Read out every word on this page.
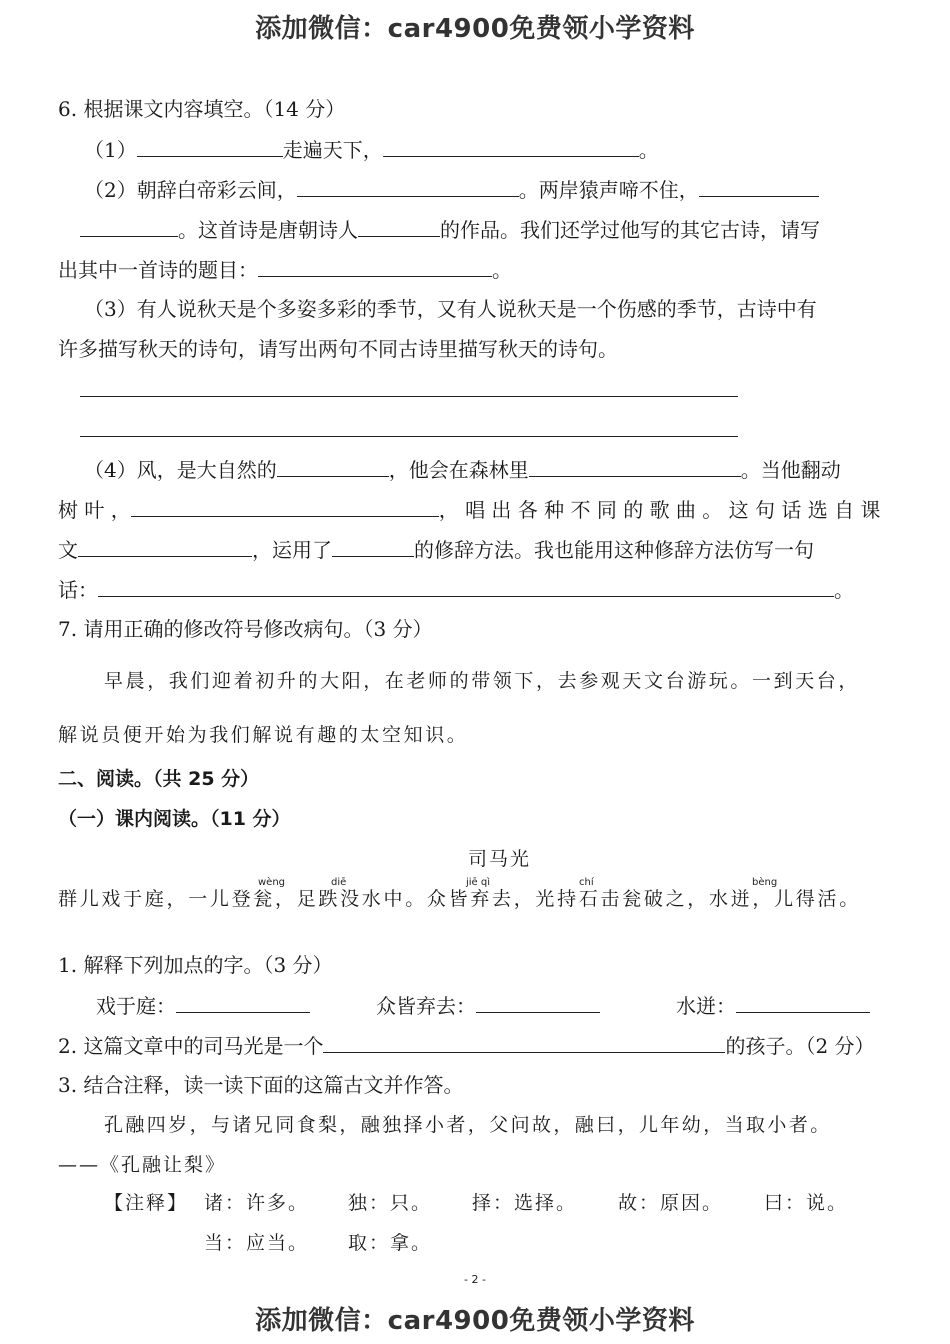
添加微信：car4900免费领小学资料
6. 根据课文内容填空。（14 分）
（1）	走遍天下，	。
（2）朝辞白帝彩云间，	。两岸猿声啼不住，
。这首诗是唐朝诗人	的作品。我们还学过他写的其它古诗，请写
出其中一首诗的题目：	。
（3）有人说秋天是个多姿多彩的季节，又有人说秋天是一个伤感的季节，古诗中有
许多描写秋天的诗句，请写出两句不同古诗里描写秋天的诗句。
（4）风，是大自然的	，他会在森林里	。当他翻动
树 叶 ，	， 唱 出 各 种 不 同 的 歌 曲 。 这 句 话 选 自 课
文	，运用了	的修辞方法。我也能用这种修辞方法仿写一句
话：	。
7. 请用正确的修改符号修改病句。（3 分）
早晨，我们迎着初升的大阳，在老师的带领下，去参观天文台游玩。一到天台，
解说员便开始为我们解说有趣的太空知识。
二、阅读。（共 25 分）
（一）课内阅读。（11 分）
司马光
wèng	diē	jiē qì	chí	bèng
群儿戏于庭，一儿登瓮，足跌没水中。众皆弃去，光持石击瓮破之，水迸，儿得活。
1. 解释下列加点的字。（3 分）
戏于庭：	众皆弃去：	水迸：
2. 这篇文章中的司马光是一个	的孩子。（2 分）
3. 结合注释，读一读下面的这篇古文并作答。
孔融四岁，与诸兄同食梨，融独择小者，父问故，融曰，儿年幼，当取小者。
——《孔融让梨》
【注释】 诸：许多。 独：只。 择：选择。 故：原因。 曰：说。
当：应当。 取：拿。
- 2 -
添加微信：car4900免费领小学资料
